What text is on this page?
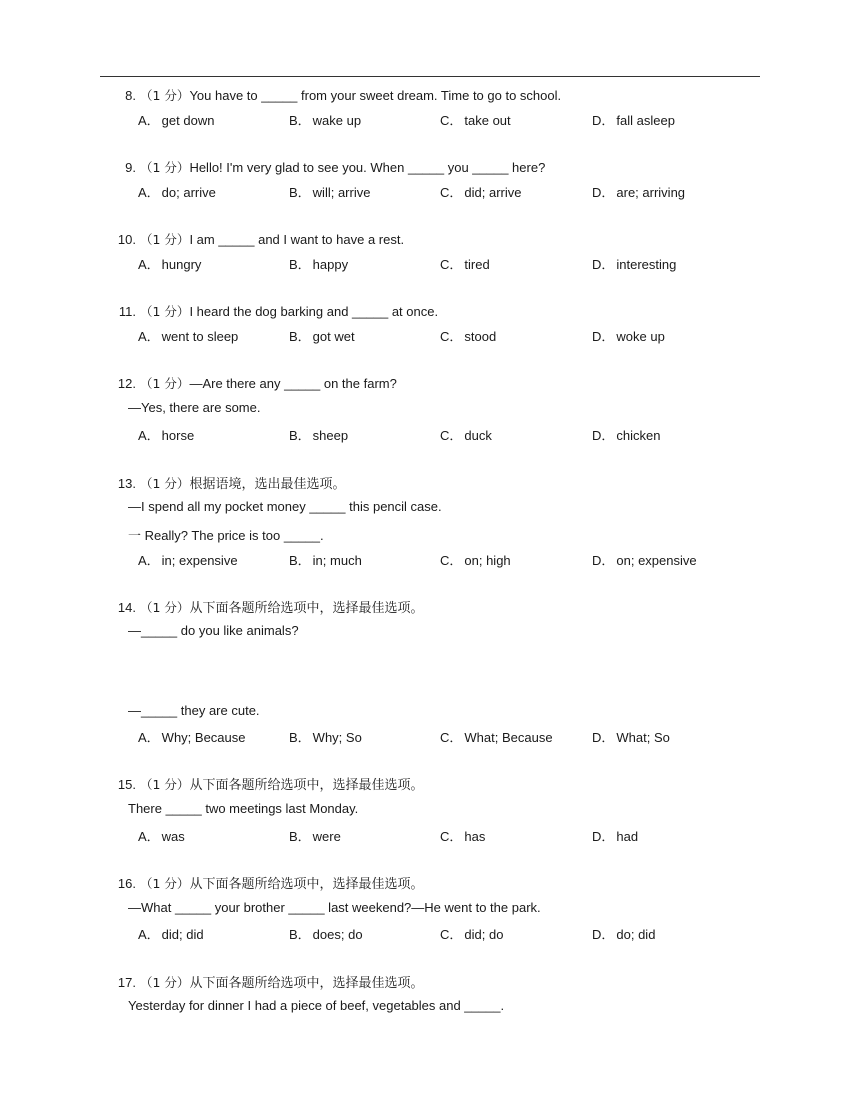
8. （1 分）You have to _____ from your sweet dream. Time to go to school.
A． get down	B． wake up	C． take out	D． fall asleep
9. （1 分）Hello! I'm very glad to see you. When _____ you _____ here?
A． do; arrive	B． will; arrive	C． did; arrive	D． are; arriving
10. （1 分）I am _____ and I want to have a rest.
A． hungry	B． happy	C． tired	D． interesting
11. （1 分）I heard the dog barking and _____ at once.
A． went to sleep	B． got wet	C． stood	D． woke up
12. （1 分）—Are there any _____ on the farm?
—Yes, there are some.
A． horse	B． sheep	C． duck	D． chicken
13. （1 分）根据语境，选出最佳选项。
—I spend all my pocket money _____ this pencil case.
一 Really? The price is too _____.
A． in; expensive	B． in; much	C． on; high	D． on; expensive
14. （1 分）从下面各题所给选项中，选择最佳选项。
—_____ do you like animals?
—_____ they are cute.
A． Why; Because	B． Why; So	C． What; Because	D． What; So
15. （1 分）从下面各题所给选项中，选择最佳选项。
There _____ two meetings last Monday.
A． was	B． were	C． has	D． had
16. （1 分）从下面各题所给选项中，选择最佳选项。
—What _____ your brother _____ last weekend?—He went to the park.
A． did; did	B． does; do	C． did; do	D． do; did
17. （1 分）从下面各题所给选项中，选择最佳选项。
Yesterday for dinner I had a piece of beef, vegetables and _____.
